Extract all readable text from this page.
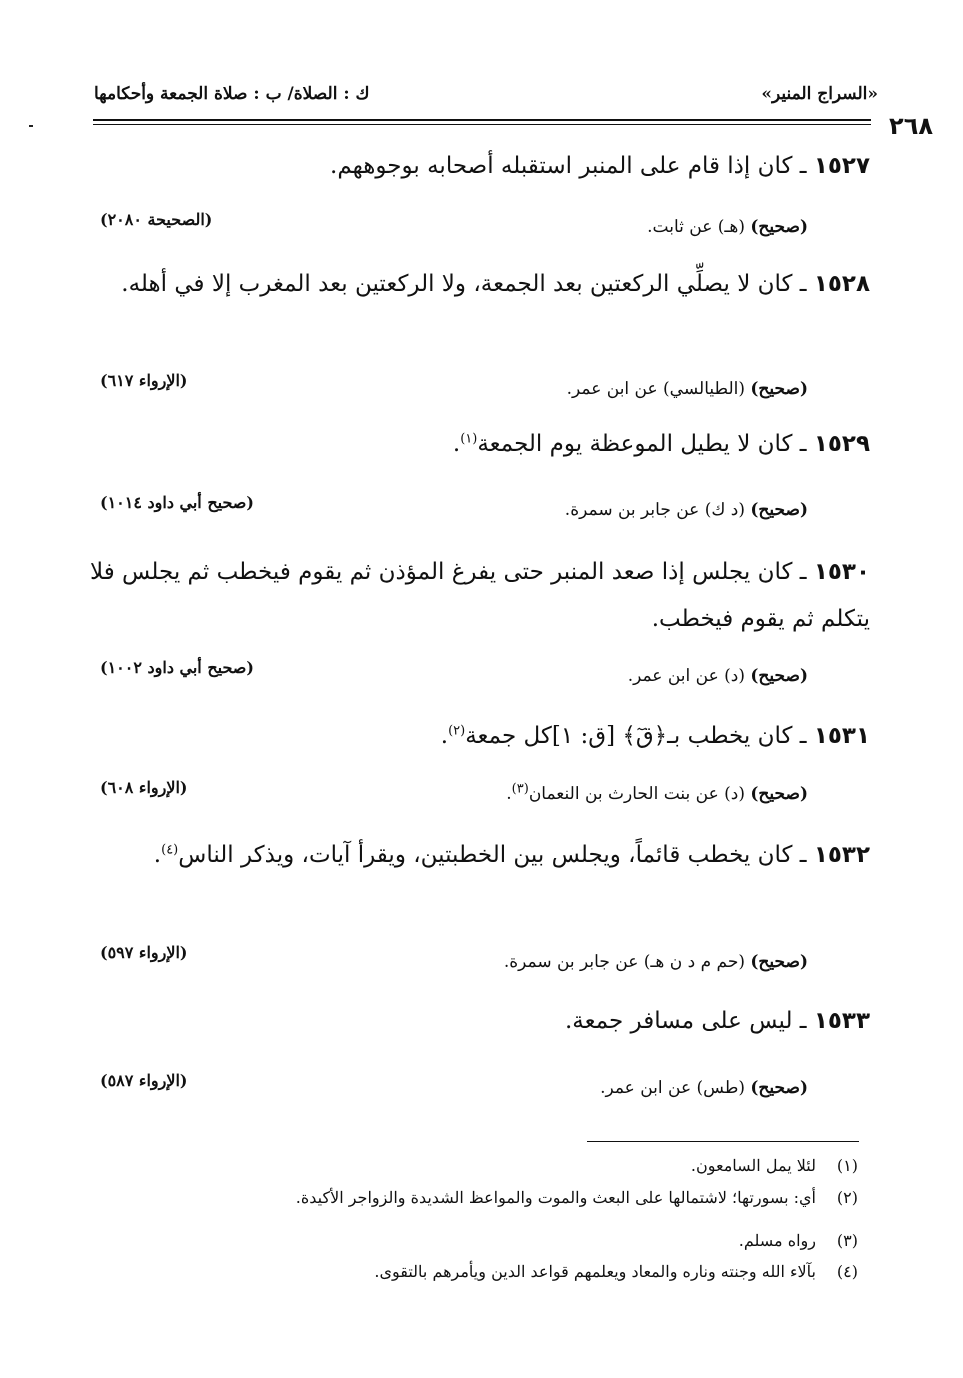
«السراج المنير»
ك : الصلاة/ ب : صلاة الجمعة وأحكامها
٢٦٨
١٥٢٧ ـ كان إذا قام على المنبر استقبله أصحابه بوجوههم.
(صحيح) (هـ) عن ثابت.
(الصحيحة ٢٠٨٠)
١٥٢٨ ـ كان لا يصلِّي الركعتين بعد الجمعة، ولا الركعتين بعد المغرب إلا في أهله.
(صحيح) (الطيالسي) عن ابن عمر.
(الإرواء ٦١٧)
١٥٢٩ ـ كان لا يطيل الموعظة يوم الجمعة$^{(١)}$.
(صحيح) (د ك) عن جابر بن سمرة.
(صحيح أبي داود ١٠١٤)
١٥٣٠ ـ كان يجلس إذا صعد المنبر حتى يفرغ المؤذن ثم يقوم فيخطب ثم يجلس فلا يتكلم ثم يقوم فيخطب.
(صحيح) (د) عن ابن عمر.
(صحيح أبي داود ١٠٠٢)
١٥٣١ ـ كان يخطب بـ﴿قٓ﴾ [ق: ١]كل جمعة$^{(٢)}$.
(صحيح) (د) عن بنت الحارث بن النعمان$^{(٣)}$.
(الإرواء ٦٠٨)
١٥٣٢ ـ كان يخطب قائماً، ويجلس بين الخطبتين، ويقرأ آيات، ويذكر الناس$^{(٤)}$.
(صحيح) (حم م د ن هـ) عن جابر بن سمرة.
(الإرواء ٥٩٧)
١٥٣٣ ـ ليس على مسافر جمعة.
(صحيح) (طس) عن ابن عمر.
(الإرواء ٥٨٧)
(١)لئلا يمل السامعون.
(٢)أي: بسورتها؛ لاشتمالها على البعث والموت والمواعظ الشديدة والزواجر الأكيدة.
(٣)رواه مسلم.
(٤)بآلاء الله وجنته وناره والمعاد ويعلمهم قواعد الدين ويأمرهم بالتقوى.
